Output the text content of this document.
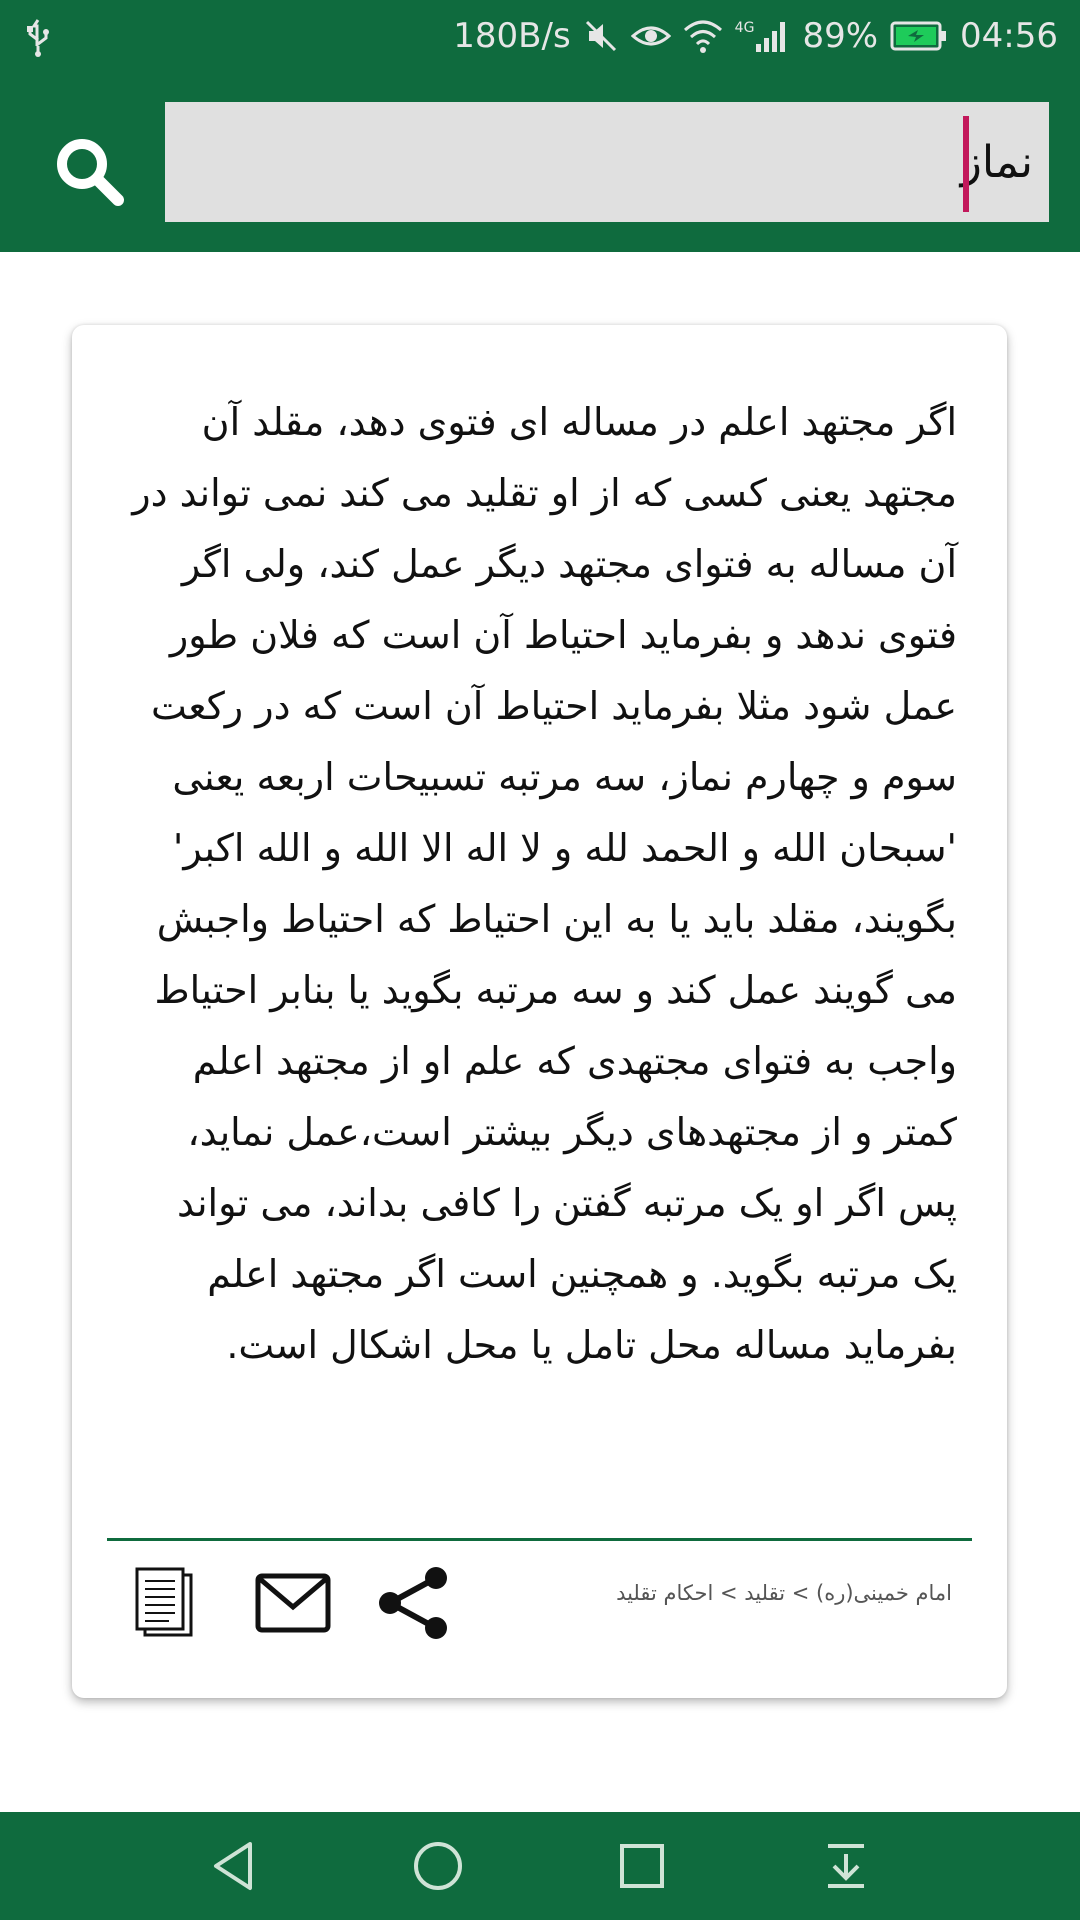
180B/s	4G 89% 04:56
نماز
اگر مجتهد اعلم در مساله ای فتوی دهد، مقلد آن مجتهد یعنی کسی که از او تقلید می کند نمی تواند در آن مساله به فتوای مجتهد دیگر عمل کند، ولی اگر فتوی ندهد و بفرماید احتیاط آن است که فلان طور عمل شود مثلا بفرماید احتیاط آن است که در رکعت سوم و چهارم نماز، سه مرتبه تسبیحات اربعه یعنی 'سبحان الله و الحمد لله و لا اله الا الله و الله اکبر' بگویند، مقلد باید یا به این احتیاط که احتیاط واجبش می گویند عمل کند و سه مرتبه بگوید یا بنابر احتیاط واجب به فتوای مجتهدی که علم او از مجتهد اعلم کمتر و از مجتهدهای دیگر بیشتر است،عمل نماید، پس اگر او یک مرتبه گفتن را کافی بداند، می تواند یک مرتبه بگوید. و همچنین است اگر مجتهد اعلم بفرماید مساله محل تامل یا محل اشکال است.
امام خمینی(ره) > تقلید > احکام تقلید
